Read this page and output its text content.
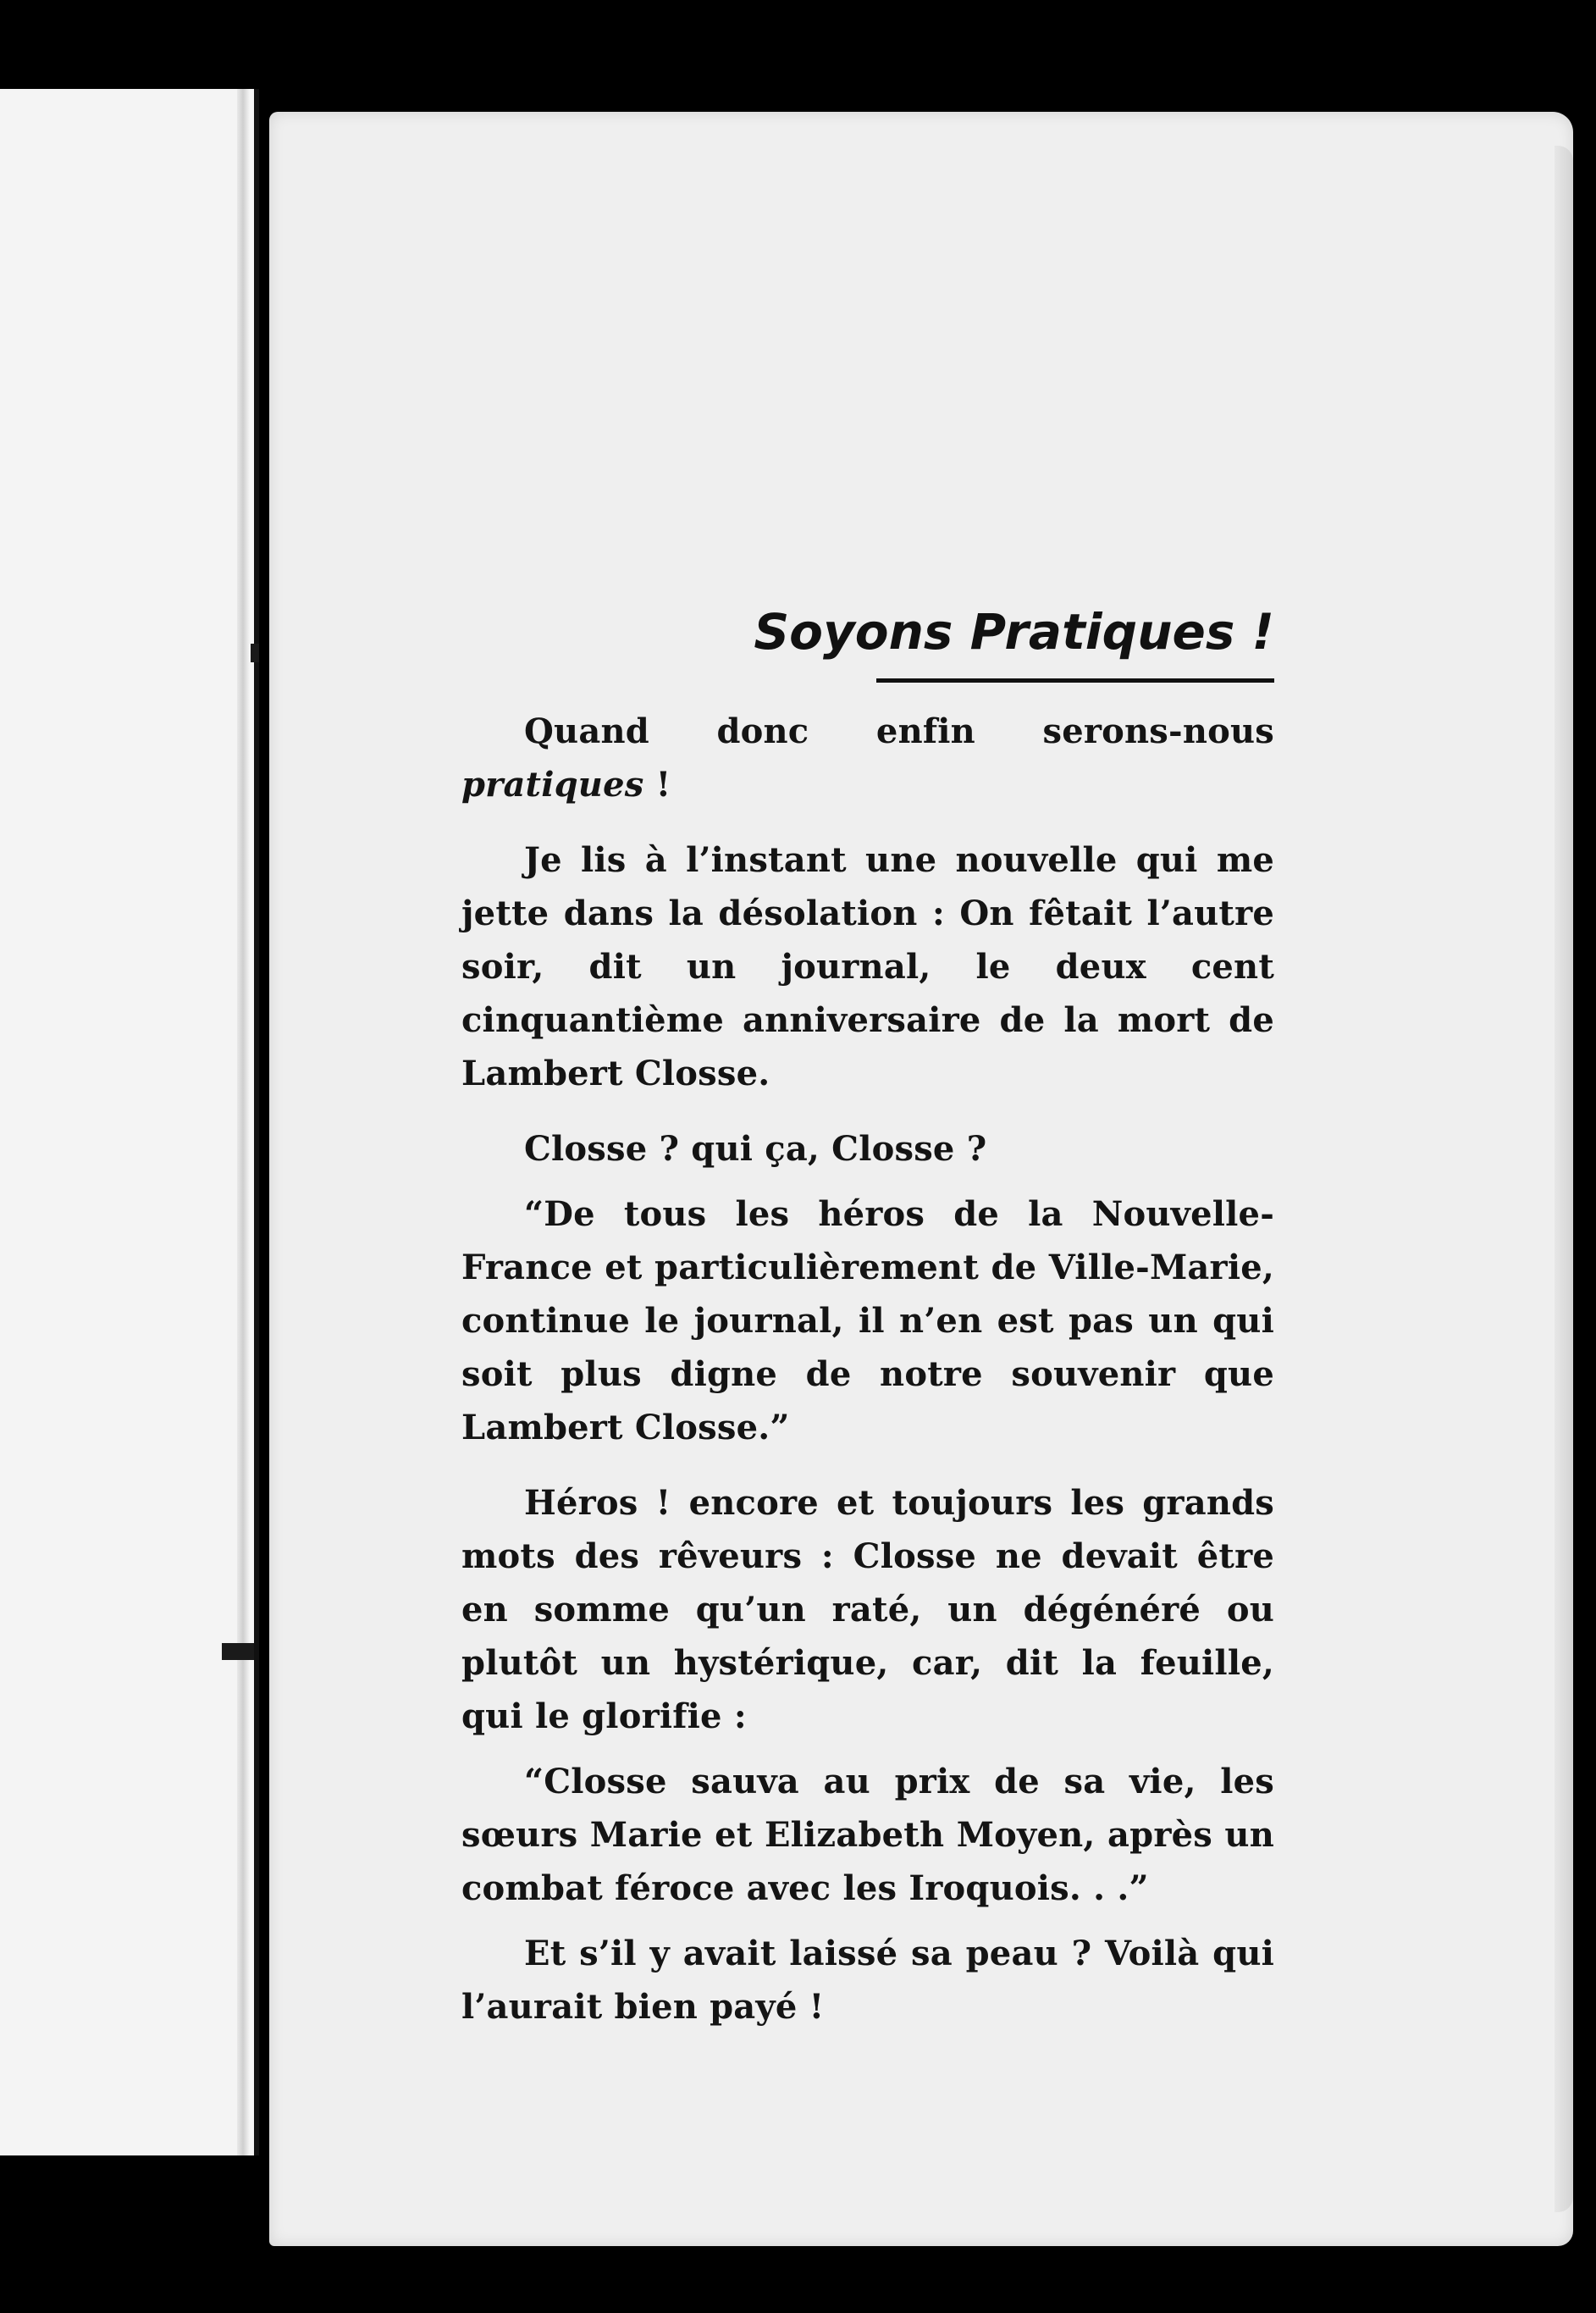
Soyons Pratiques !

Quand donc enfin serons-nous pratiques !

Je lis à l’instant une nouvelle qui me jette dans la désolation : On fêtait l’autre soir, dit un journal, le deux cent cinquantième anniversaire de la mort de Lambert Closse.

Closse ? qui ça, Closse ?

“De tous les héros de la Nouvelle-France et particulièrement de Ville-Marie, continue le journal, il n’en est pas un qui soit plus digne de notre souvenir que Lambert Closse.”

Héros ! encore et toujours les grands mots des rêveurs : Closse ne devait être en somme qu’un raté, un dégénéré ou plutôt un hystérique, car, dit la feuille, qui le glorifie :

“Closse sauva au prix de sa vie, les sœurs Marie et Elizabeth Moyen, après un combat féroce avec les Iroquois. . .”

Et s’il y avait laissé sa peau ? Voilà qui l’aurait bien payé !
